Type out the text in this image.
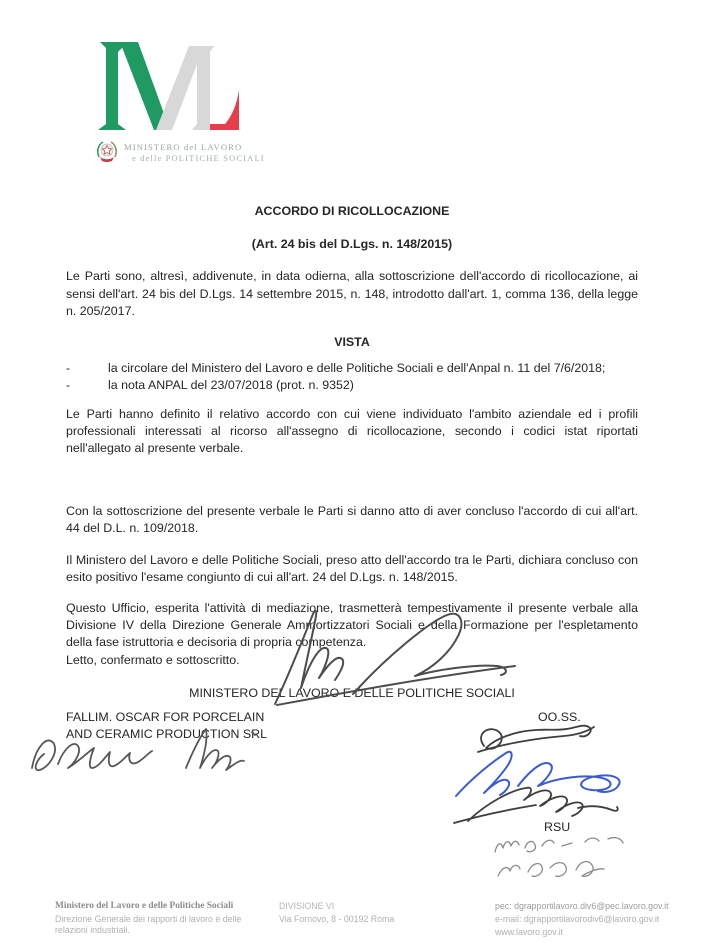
MINISTERO del LAVORO
e delle POLITICHE SOCIALI
ACCORDO DI RICOLLOCAZIONE
(Art. 24 bis del D.Lgs. n. 148/2015)

Le Parti sono, altresì, addivenute, in data odierna, alla sottoscrizione dell'accordo di ricollocazione, ai sensi dell'art. 24 bis del D.Lgs. 14 settembre 2015, n. 148, introdotto dall'art. 1, comma 136, della legge n. 205/2017.

VISTA
-	la circolare del Ministero del Lavoro e delle Politiche Sociali e dell'Anpal n. 11 del 7/6/2018;
-	la nota ANPAL del 23/07/2018 (prot. n. 9352)

Le Parti hanno definito il relativo accordo con cui viene individuato l'ambito aziendale ed i profili professionali interessati al ricorso all'assegno di ricollocazione, secondo i codici istat riportati nell'allegato al presente verbale.

Con la sottoscrizione del presente verbale le Parti si danno atto di aver concluso l'accordo di cui all'art. 44 del D.L. n. 109/2018.

Il Ministero del Lavoro e delle Politiche Sociali, preso atto dell'accordo tra le Parti, dichiara concluso con esito positivo l'esame congiunto di cui all'art. 24 del D.Lgs. n. 148/2015.

Questo Ufficio, esperita l'attività di mediazione, trasmetterà tempestivamente il presente verbale alla Divisione IV della Direzione Generale Ammortizzatori Sociali e della Formazione per l'espletamento della fase istruttoria e decisoria di propria competenza.

Letto, confermato e sottoscritto.

MINISTERO DEL LAVORO E DELLE POLITICHE SOCIALI
FALLIM. OSCAR FOR PORCELAIN
AND CERAMIC PRODUCTION SRL
OO.SS.
RSU
Ministero del Lavoro e delle Politiche Sociali
Direzione Generale dei rapporti di lavoro e delle
relazioni industriali.
DIVISIONE VI
Via Fornovo, 8 - 00192 Roma
pec: dgrapportilavoro.div6@pec.lavoro.gov.it
e-mail: dgrapportilavorodiv6@lavoro.gov.it
www.lavoro.gov.it
